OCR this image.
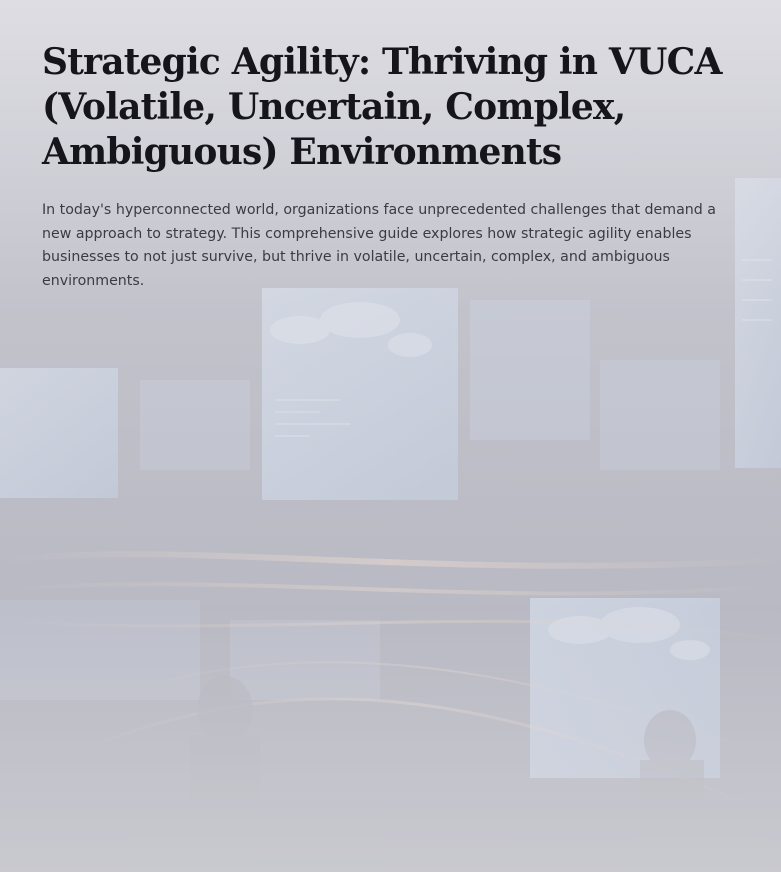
Strategic Agility: Thriving in VUCA (Volatile, Uncertain, Complex, Ambiguous) Environments

In today's hyperconnected world, organizations face unprecedented challenges that demand a new approach to strategy. This comprehensive guide explores how strategic agility enables businesses to not just survive, but thrive in volatile, uncertain, complex, and ambiguous environments.
